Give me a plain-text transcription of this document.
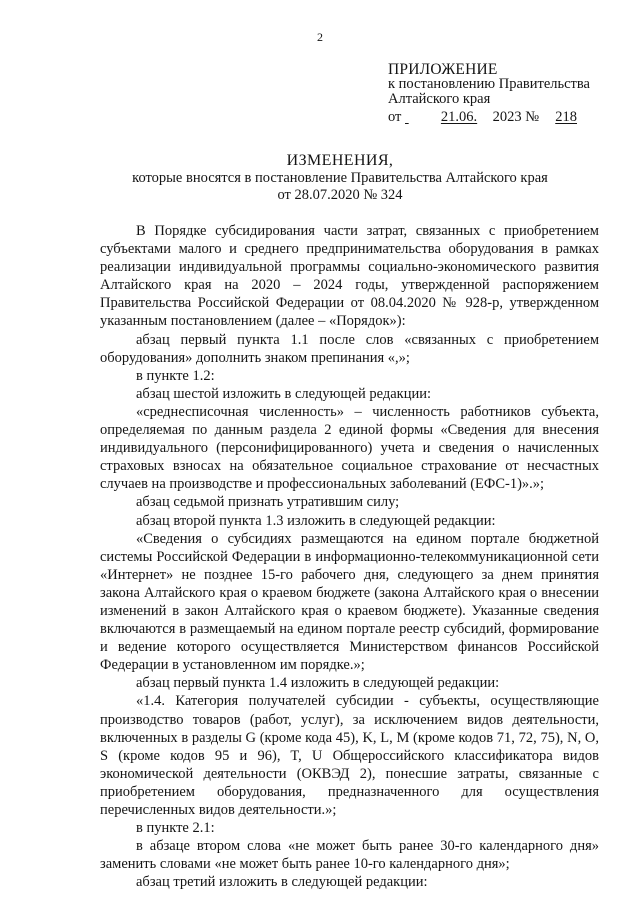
2
ПРИЛОЖЕНИЕ
к постановлению Правительства
Алтайского края
от	21.06. 2023 № 218
ИЗМЕНЕНИЯ,
которые вносятся в постановление Правительства Алтайского края
от 28.07.2020 № 324

В Порядке субсидирования части затрат, связанных с приобретением субъектами малого и среднего предпринимательства оборудования в рамках реализации индивидуальной программы социально-экономического развития Алтайского края на 2020 – 2024 годы, утвержденной распоряжением Правительства Российской Федерации от 08.04.2020 № 928-р, утвержденном указанным постановлением (далее – «Порядок»):

абзац первый пункта 1.1 после слов «связанных с приобретением оборудования» дополнить знаком препинания «,»;

в пункте 1.2:

абзац шестой изложить в следующей редакции:

«среднесписочная численность» – численность работников субъекта, определяемая по данным раздела 2 единой формы «Сведения для внесения индивидуального (персонифицированного) учета и сведения о начисленных страховых взносах на обязательное социальное страхование от несчастных случаев на производстве и профессиональных заболеваний (ЕФС-1)».»;

абзац седьмой признать утратившим силу;

абзац второй пункта 1.3 изложить в следующей редакции:

«Сведения о субсидиях размещаются на едином портале бюджетной системы Российской Федерации в информационно-телекоммуникационной сети «Интернет» не позднее 15-го рабочего дня, следующего за днем принятия закона Алтайского края о краевом бюджете (закона Алтайского края о внесении изменений в закон Алтайского края о краевом бюджете). Указанные сведения включаются в размещаемый на едином портале реестр субсидий, формирование и ведение которого осуществляется Министерством финансов Российской Федерации в установленном им порядке.»;

абзац первый пункта 1.4 изложить в следующей редакции:

«1.4. Категория получателей субсидии - субъекты, осуществляющие производство товаров (работ, услуг), за исключением видов деятельности, включенных в разделы G (кроме кода 45), K, L, M (кроме кодов 71, 72, 75), N, O, S (кроме кодов 95 и 96), T, U Общероссийского классификатора видов экономической деятельности (ОКВЭД 2), понесшие затраты, связанные с приобретением оборудования, предназначенного для осуществления перечисленных видов деятельности.»;

в пункте 2.1:

в абзаце втором слова «не может быть ранее 30-го календарного дня» заменить словами «не может быть ранее 10-го календарного дня»;

абзац третий изложить в следующей редакции:
